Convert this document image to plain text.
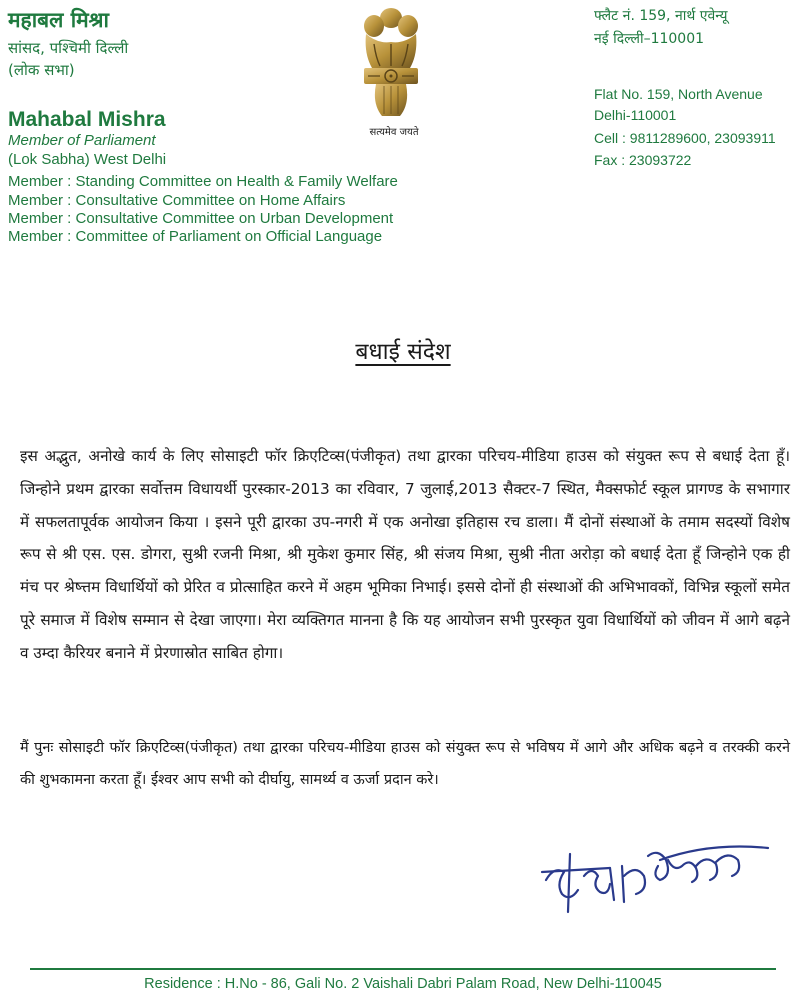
महाबल मिश्रा
सांसद, पश्चिमी दिल्ली
(लोक सभा)
Mahabal Mishra
Member of Parliament
(Lok Sabha) West Delhi
Member : Standing Committee on Health & Family Welfare
Member : Consultative Committee on Home Affairs
Member : Consultative Committee on Urban Development
Member : Committee of Parliament on Official Language
सत्यमेव जयते
फ्लैट नं. 159, नार्थ एवेन्यू
नई दिल्ली–110001
Flat No. 159, North Avenue
Delhi-110001
Cell : 9811289600, 23093911
Fax : 23093722
बधाई संदेश

इस अद्भुत, अनोखे कार्य के लिए सोसाइटी फॉर क्रिएटिव्स(पंजीकृत) तथा द्वारका परिचय-मीडिया हाउस को संयुक्त रूप से बधाई देता हूँ। जिन्होने प्रथम द्वारका सर्वोत्तम विधायर्थी पुरस्कार-2013 का रविवार, 7 जुलाई,2013 सैक्टर-7 स्थित, मैक्सफोर्ट स्कूल प्रागण्ड के सभागार में सफलतापूर्वक आयोजन किया । इसने पूरी द्वारका उप-नगरी में एक अनोखा इतिहास रच डाला। मैं दोनों संस्थाओं के तमाम सदस्यों विशेष रूप से श्री एस. एस. डोगरा, सुश्री रजनी मिश्रा, श्री मुकेश कुमार सिंह, श्री संजय मिश्रा, सुश्री नीता अरोड़ा को बधाई देता हूँ जिन्होने एक ही मंच पर श्रेष्त्तम विधार्थियों को प्रेरित व प्रोत्साहित करने में अहम भूमिका निभाई। इससे दोनों ही संस्थाओं की अभिभावकों, विभिन्न स्कूलों समेत पूरे समाज में विशेष सम्मान से देखा जाएगा। मेरा व्यक्तिगत मानना है कि यह आयोजन सभी पुरस्कृत युवा विधार्थियों को जीवन में आगे बढ़ने व उम्दा कैरियर बनाने में प्रेरणास्रोत साबित होगा।

मैं पुनः सोसाइटी फॉर क्रिएटिव्स(पंजीकृत) तथा द्वारका परिचय-मीडिया हाउस को संयुक्त रूप से भविषय में आगे और अधिक बढ़ने व तरक्की करने की शुभकामना करता हूँ। ईश्वर आप सभी को दीर्घायु, सामर्थ्य व ऊर्जा प्रदान करे।

Residence : H.No - 86, Gali No. 2 Vaishali Dabri Palam Road, New Delhi-110045
